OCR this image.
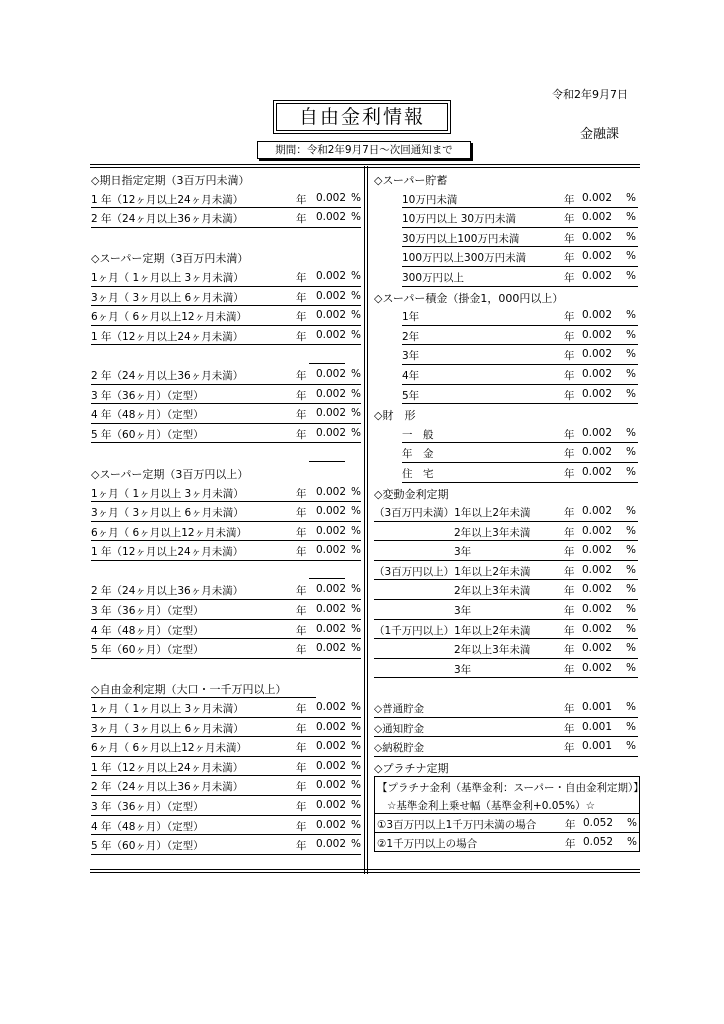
令和2年9月7日
自由金利情報
金融課
期間：令和2年9月7日～次回通知まで
◇期日指定定期（3百万円未満）
1 年（12ヶ月以上24ヶ月未満）	年 0.002 %
2 年（24ヶ月以上36ヶ月未満）	年 0.002 %
◇スーパー定期（3百万円未満）
1ヶ月（ 1ヶ月以上 3ヶ月未満）	年 0.002 %
3ヶ月（ 3ヶ月以上 6ヶ月未満）	年 0.002 %
6ヶ月（ 6ヶ月以上12ヶ月未満）	年 0.002 %
1 年（12ヶ月以上24ヶ月未満）	年 0.002 %
2 年（24ヶ月以上36ヶ月未満）	年 0.002 %
3 年（36ヶ月）（定型）	年 0.002 %
4 年（48ヶ月）（定型）	年 0.002 %
5 年（60ヶ月）（定型）	年 0.002 %
◇スーパー定期（3百万円以上）
1ヶ月（ 1ヶ月以上 3ヶ月未満）	年 0.002 %
3ヶ月（ 3ヶ月以上 6ヶ月未満）	年 0.002 %
6ヶ月（ 6ヶ月以上12ヶ月未満）	年 0.002 %
1 年（12ヶ月以上24ヶ月未満）	年 0.002 %
2 年（24ヶ月以上36ヶ月未満）	年 0.002 %
3 年（36ヶ月）（定型）	年 0.002 %
4 年（48ヶ月）（定型）	年 0.002 %
5 年（60ヶ月）（定型）	年 0.002 %
◇自由金利定期（大口・一千万円以上）
1ヶ月（ 1ヶ月以上 3ヶ月未満）	年 0.002 %
3ヶ月（ 3ヶ月以上 6ヶ月未満）	年 0.002 %
6ヶ月（ 6ヶ月以上12ヶ月未満）	年 0.002 %
1 年（12ヶ月以上24ヶ月未満）	年 0.002 %
2 年（24ヶ月以上36ヶ月未満）	年 0.002 %
3 年（36ヶ月）（定型）	年 0.002 %
4 年（48ヶ月）（定型）	年 0.002 %
5 年（60ヶ月）（定型）	年 0.002 %
◇スーパー貯蓄
10万円未満	年 0.002 %
10万円以上 30万円未満	年 0.002 %
30万円以上100万円未満	年 0.002 %
100万円以上300万円未満	年 0.002 %
300万円以上	年 0.002 %
◇スーパー積金（掛金1，000円以上）
1年	年 0.002 %
2年	年 0.002 %
3年	年 0.002 %
4年	年 0.002 %
5年	年 0.002 %
◇財　形
一　般	年 0.002 %
年　金	年 0.002 %
住　宅	年 0.002 %
◇変動金利定期
（3百万円未満）1年以上2年未満	年 0.002 %
2年以上3年未満	年 0.002 %
3年	年 0.002 %
（3百万円以上）1年以上2年未満	年 0.002 %
2年以上3年未満	年 0.002 %
3年	年 0.002 %
（1千万円以上）1年以上2年未満	年 0.002 %
2年以上3年未満	年 0.002 %
3年	年 0.002 %
◇普通貯金	年 0.001 %
◇通知貯金	年 0.001 %
◇納税貯金	年 0.001 %
◇プラチナ定期
【プラチナ金利（基準金利：スーパー・自由金利定期）】
☆基準金利上乗せ幅（基準金利+0.05%）☆
①3百万円以上1千万円未満の場合	年 0.052 %
②1千万円以上の場合	年 0.052 %
